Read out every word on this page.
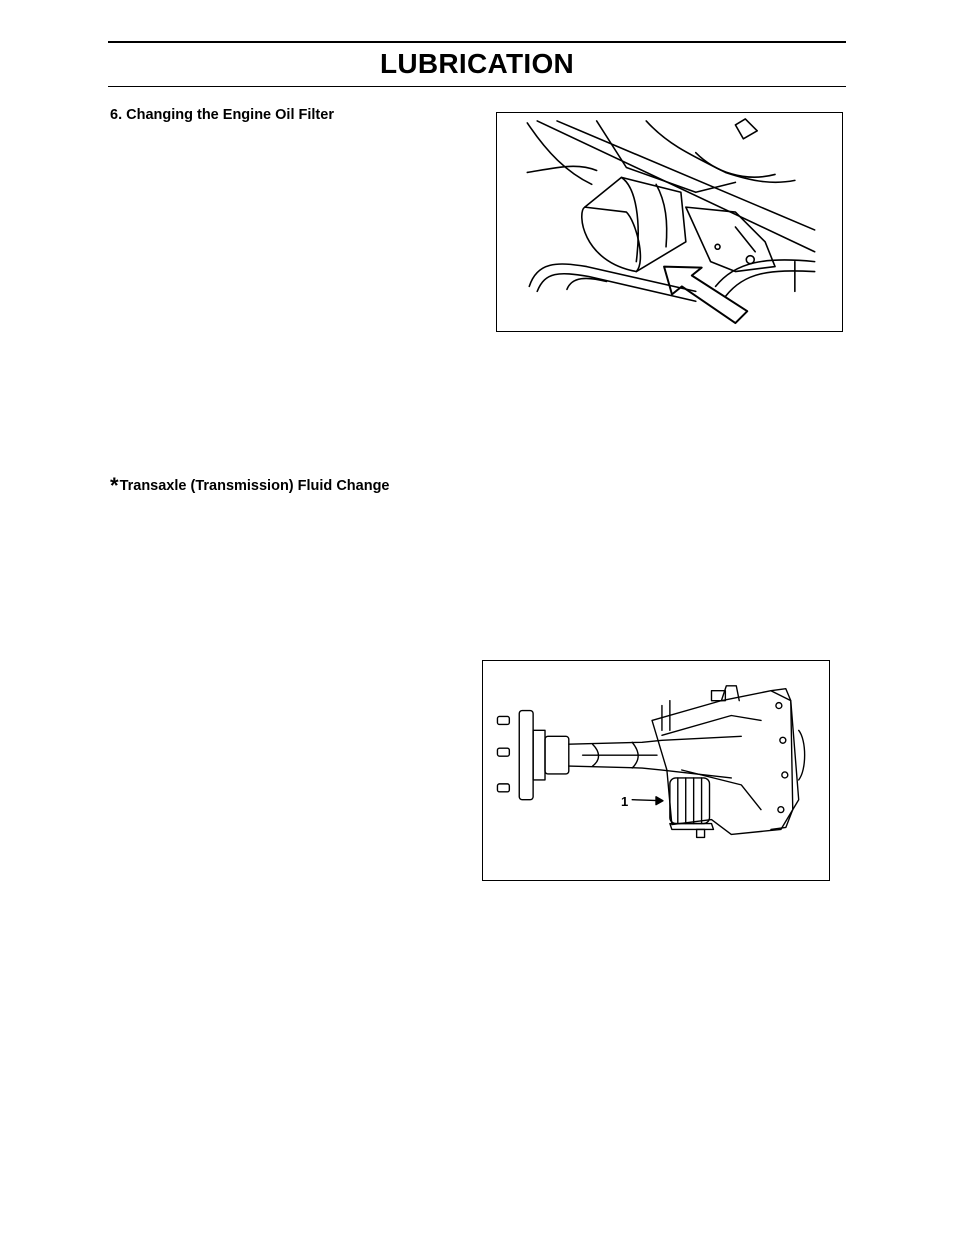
LUBRICATION
6. Changing the Engine Oil Filter
*Transaxle (Transmission) Fluid Change
1
